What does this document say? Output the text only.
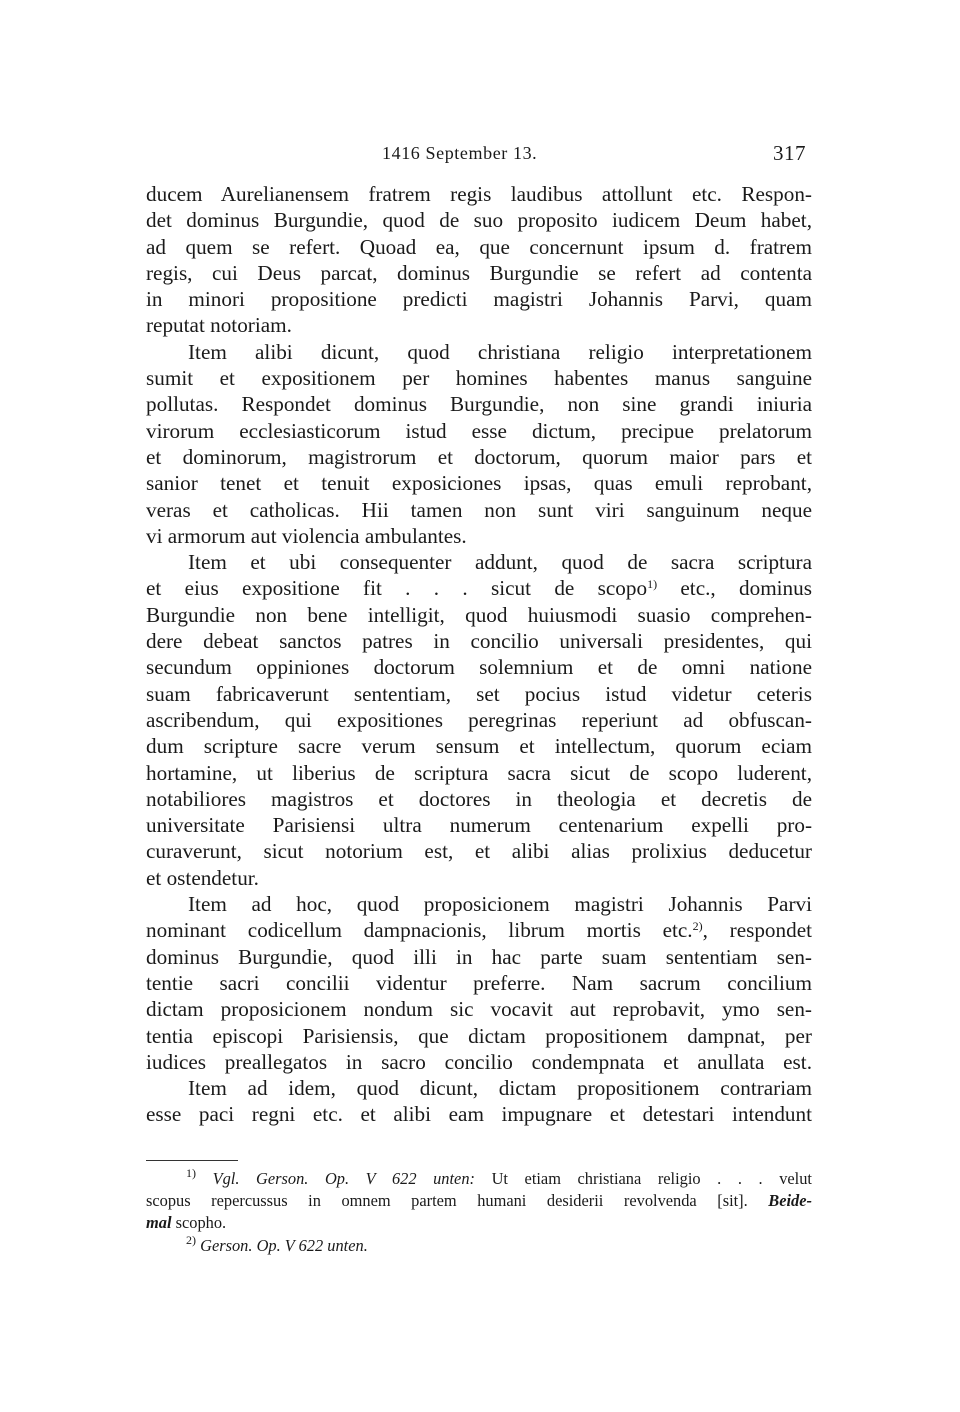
1416 September 13.	317
ducem Aurelianensem fratrem regis laudibus attollunt etc. Respon-
det dominus Burgundie, quod de suo proposito iudicem Deum habet,
ad quem se refert. Quoad ea, que concernunt ipsum d. fratrem
regis, cui Deus parcat, dominus Burgundie se refert ad contenta
in minori propositione predicti magistri Johannis Parvi, quam
reputat notoriam.
Item alibi dicunt, quod christiana religio interpretationem
sumit et expositionem per homines habentes manus sanguine
pollutas. Respondet dominus Burgundie, non sine grandi iniuria
virorum ecclesiasticorum istud esse dictum, precipue prelatorum
et dominorum, magistrorum et doctorum, quorum maior pars et
sanior tenet et tenuit exposiciones ipsas, quas emuli reprobant,
veras et catholicas. Hii tamen non sunt viri sanguinum neque
vi armorum aut violencia ambulantes.
Item et ubi consequenter addunt, quod de sacra scriptura
et eius expositione fit . . . sicut de scopo$^{1)}$ etc., dominus
Burgundie non bene intelligit, quod huiusmodi suasio comprehen-
dere debeat sanctos patres in concilio universali presidentes, qui
secundum oppiniones doctorum solemnium et de omni natione
suam fabricaverunt sententiam, set pocius istud videtur ceteris
ascribendum, qui expositiones peregrinas reperiunt ad obfuscan-
dum scripture sacre verum sensum et intellectum, quorum eciam
hortamine, ut liberius de scriptura sacra sicut de scopo luderent,
notabiliores magistros et doctores in theologia et decretis de
universitate Parisiensi ultra numerum centenarium expelli pro-
curaverunt, sicut notorium est, et alibi alias prolixius deducetur
et ostendetur.
Item ad hoc, quod proposicionem magistri Johannis Parvi
nominant codicellum dampnacionis, librum mortis etc.$^{2)}$, respondet
dominus Burgundie, quod illi in hac parte suam sententiam sen-
tentie sacri concilii videntur preferre. Nam sacrum concilium
dictam proposicionem nondum sic vocavit aut reprobavit, ymo sen-
tentia episcopi Parisiensis, que dictam propositionem dampnat, per
iudices preallegatos in sacro concilio condempnata et anullata est.
Item ad idem, quod dicunt, dictam propositionem contrariam
esse paci regni etc. et alibi eam impugnare et detestari intendunt
$^{1)}$ Vgl. Gerson. Op. V 622 unten: Ut etiam christiana religio . . . velut
scopus repercussus in omnem partem humani desiderii revolvenda [sit]. Beide-
mal scopho.
$^{2)}$ Gerson. Op. V 622 unten.
